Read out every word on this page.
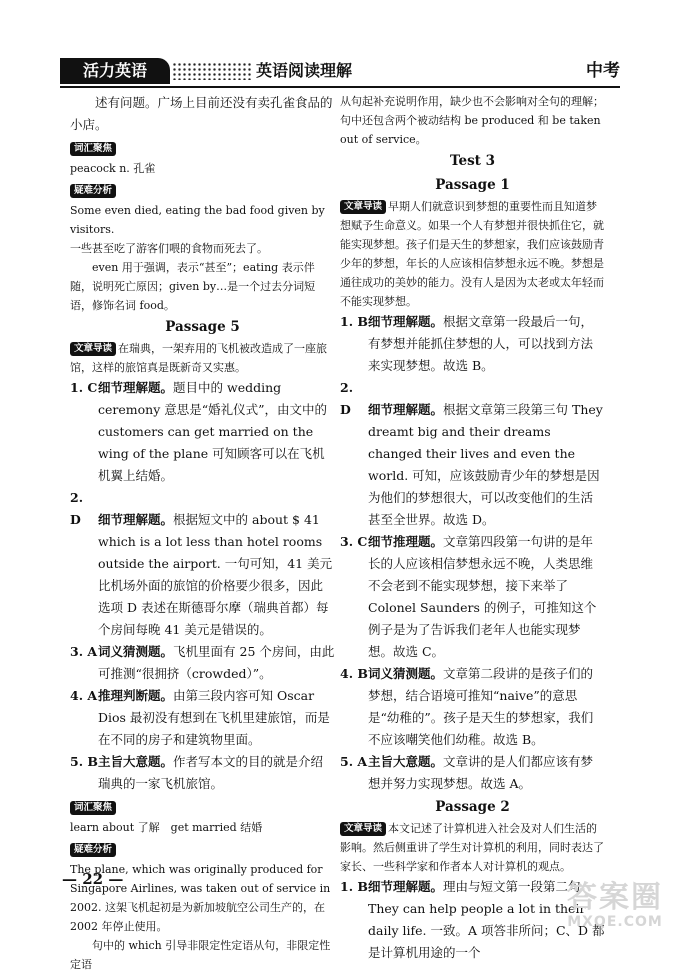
活力英语	英语阅读理解	中考

述有问题。广场上目前还没有卖孔雀食品的小店。

词汇聚焦

peacock n. 孔雀

疑难分析

Some even died, eating the bad food given by visitors.

一些甚至吃了游客们喂的食物而死去了。

even 用于强调，表示“甚至”；eating 表示伴随，说明死亡原因；given by…是一个过去分词短语，修饰名词 food。

Passage 5

文章导读 在瑞典，一架弃用的飞机被改造成了一座旅馆，这样的旅馆真是既新奇又实惠。

1. C细节理解题。题目中的 wedding ceremony 意思是“婚礼仪式”，由文中的 customers can get married on the wing of the plane 可知顾客可以在飞机机翼上结婚。

2. D 细节理解题。根据短文中的 about $ 41 which is a lot less than hotel rooms outside the airport. 一句可知，41 美元比机场外面的旅馆的价格要少很多，因此选项 D 表述在斯德哥尔摩（瑞典首都）每个房间每晚 41 美元是错误的。

3. A词义猜测题。飞机里面有 25 个房间，由此可推测“很拥挤（crowded）”。

4. A推理判断题。由第三段内容可知 Oscar Dios 最初没有想到在飞机里建旅馆，而是在不同的房子和建筑物里面。

5. B主旨大意题。作者写本文的目的就是介绍瑞典的一家飞机旅馆。

词汇聚焦

learn about 了解　get married 结婚

疑难分析

The plane, which was originally produced for Singapore Airlines, was taken out of service in 2002. 这架飞机起初是为新加坡航空公司生产的，在 2002 年停止使用。

句中的 which 引导非限定性定语从句，非限定性定语

从句起补充说明作用，缺少也不会影响对全句的理解；句中还包含两个被动结构 be produced 和 be taken out of service。

Test 3

Passage 1

文章导读 早期人们就意识到梦想的重要性而且知道梦想赋予生命意义。如果一个人有梦想并很快抓住它，就能实现梦想。孩子们是天生的梦想家，我们应该鼓励青少年的梦想，年长的人应该相信梦想永远不晚。梦想是通往成功的美妙的能力。没有人是因为太老或太年轻而不能实现梦想。

1. B细节理解题。根据文章第一段最后一句，有梦想并能抓住梦想的人，可以找到方法来实现梦想。故选 B。

2. D 细节理解题。根据文章第三段第三句 They dreamt big and their dreams changed their lives and even the world. 可知，应该鼓励青少年的梦想是因为他们的梦想很大，可以改变他们的生活甚至全世界。故选 D。

3. C细节推理题。文章第四段第一句讲的是年长的人应该相信梦想永远不晚，人类思维不会老到不能实现梦想，接下来举了 Colonel Saunders 的例子，可推知这个例子是为了告诉我们老年人也能实现梦想。故选 C。

4. B词义猜测题。文章第二段讲的是孩子们的梦想，结合语境可推知“naive”的意思是“幼稚的”。孩子是天生的梦想家，我们不应该嘲笑他们幼稚。故选 B。

5. A主旨大意题。文章讲的是人们都应该有梦想并努力实现梦想。故选 A。

Passage 2

文章导读 本文记述了计算机进入社会及对人们生活的影响。然后侧重讲了学生对计算机的利用，同时表达了家长、一些科学家和作者本人对计算机的观点。

1. B细节理解题。理由与短文第一段第二句 They can help people a lot in their daily life. 一致。A 项答非所问；C、D 都是计算机用途的一个

— 22 —
答案圈
MXQE.COM
